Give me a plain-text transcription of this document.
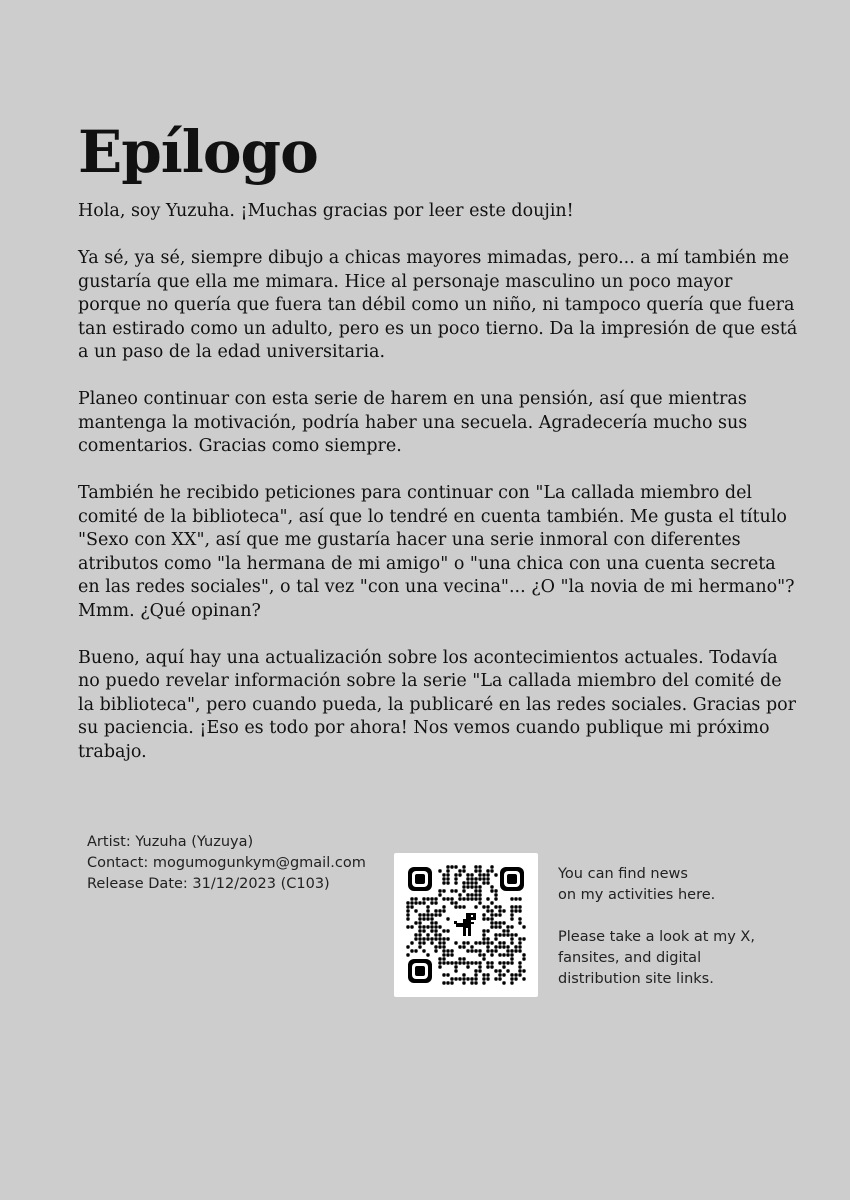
Epílogo

Hola, soy Yuzuha. ¡Muchas gracias por leer este doujin!

Ya sé, ya sé, siempre dibujo a chicas mayores mimadas, pero... a mí también me gustaría que ella me mimara. Hice al personaje masculino un poco mayor porque no quería que fuera tan débil como un niño, ni tampoco quería que fuera tan estirado como un adulto, pero es un poco tierno. Da la impresión de que está a un paso de la edad universitaria.

Planeo continuar con esta serie de harem en una pensión, así que mientras mantenga la motivación, podría haber una secuela. Agradecería mucho sus comentarios. Gracias como siempre.

También he recibido peticiones para continuar con "La callada miembro del comité de la biblioteca", así que lo tendré en cuenta también. Me gusta el título "Sexo con XX", así que me gustaría hacer una serie inmoral con diferentes atributos como "la hermana de mi amigo" o "una chica con una cuenta secreta en las redes sociales", o tal vez "con una vecina"... ¿O "la novia de mi hermano"? Mmm. ¿Qué opinan?

Bueno, aquí hay una actualización sobre los acontecimientos actuales. Todavía no puedo revelar información sobre la serie "La callada miembro del comité de la biblioteca", pero cuando pueda, la publicaré en las redes sociales. Gracias por su paciencia. ¡Eso es todo por ahora! Nos vemos cuando publique mi próximo trabajo.

Artist: Yuzuha (Yuzuya)
Contact: mogumogunkym@gmail.com
Release Date: 31/12/2023 (C103)
You can find news
on my activities here.
Please take a look at my X,
fansites, and digital
distribution site links.
